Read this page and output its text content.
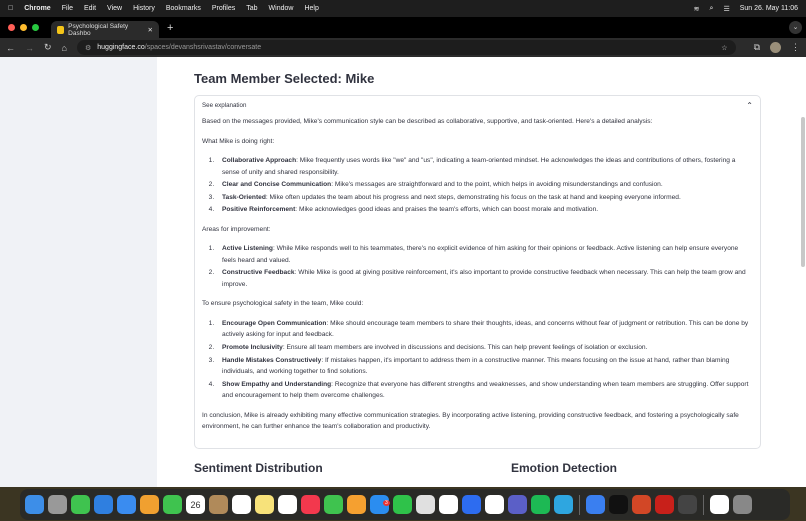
Chrome File Edit View History Bookmarks Profiles Tab Window Help	≋ ⌕ ☰ Sun 26. May 11:06
Psychological Safety Dashbo	✕ +	⌄
← → ↻ ⌂	⚙ huggingface.co/spaces/devanshsrivastav/conversate	☆	⧉	⋮
Team Member Selected: Mike
See explanation	⌃

Based on the messages provided, Mike's communication style can be described as collaborative, supportive, and task-oriented. Here's a detailed analysis:

What Mike is doing right:

1. Collaborative Approach: Mike frequently uses words like "we" and "us", indicating a team-oriented mindset. He acknowledges the ideas and contributions of others, fostering a sense of unity and shared responsibility.
2. Clear and Concise Communication: Mike's messages are straightforward and to the point, which helps in avoiding misunderstandings and confusion.
3. Task-Oriented: Mike often updates the team about his progress and next steps, demonstrating his focus on the task at hand and keeping everyone informed.
4. Positive Reinforcement: Mike acknowledges good ideas and praises the team's efforts, which can boost morale and motivation.

Areas for improvement:

1. Active Listening: While Mike responds well to his teammates, there's no explicit evidence of him asking for their opinions or feedback. Active listening can help ensure everyone feels heard and valued.
2. Constructive Feedback: While Mike is good at giving positive reinforcement, it's also important to provide constructive feedback when necessary. This can help the team grow and improve.

To ensure psychological safety in the team, Mike could:

1. Encourage Open Communication: Mike should encourage team members to share their thoughts, ideas, and concerns without fear of judgment or retribution. This can be done by actively asking for input and feedback.
2. Promote Inclusivity: Ensure all team members are involved in discussions and decisions. This can help prevent feelings of isolation or exclusion.
3. Handle Mistakes Constructively: If mistakes happen, it's important to address them in a constructive manner. This means focusing on the issue at hand, rather than blaming individuals, and working together to find solutions.
4. Show Empathy and Understanding: Recognize that everyone has different strengths and weaknesses, and show understanding when team members are struggling. Offer support and encouragement to help them overcome challenges.

In conclusion, Mike is already exhibiting many effective communication strategies. By incorporating active listening, providing constructive feedback, and fostering a psychologically safe environment, he can further enhance the team's collaboration and productivity.

Sentiment Distribution	Emotion Detection
26	$^3$
